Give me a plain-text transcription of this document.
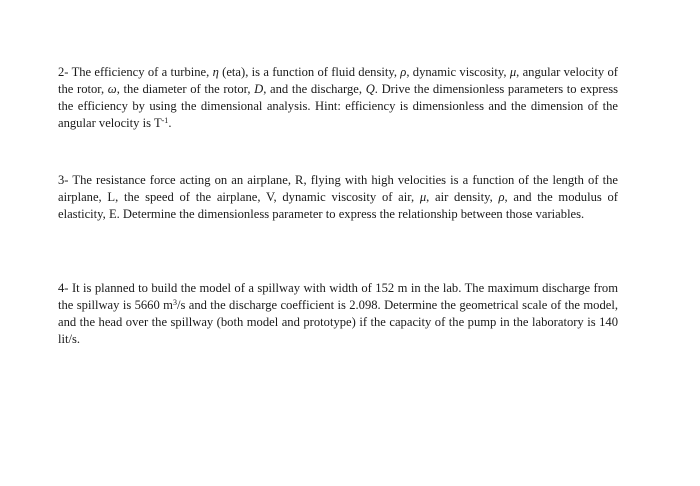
2- The efficiency of a turbine, η (eta), is a function of fluid density, ρ, dynamic viscosity, μ, angular velocity of the rotor, ω, the diameter of the rotor, D, and the discharge, Q. Drive the dimensionless parameters to express the efficiency by using the dimensional analysis. Hint: efficiency is dimensionless and the dimension of the angular velocity is $T^{-1}$.

3- The resistance force acting on an airplane, R, flying with high velocities is a function of the length of the airplane, L, the speed of the airplane, V, dynamic viscosity of air, μ, air density, ρ, and the modulus of elasticity, E. Determine the dimensionless parameter to express the relationship between those variables.

4- It is planned to build the model of a spillway with width of 152 m in the lab. The maximum discharge from the spillway is 5660 $m^3/s$ and the discharge coefficient is 2.098. Determine the geometrical scale of the model, and the head over the spillway (both model and prototype) if the capacity of the pump in the laboratory is 140 lit/s.
